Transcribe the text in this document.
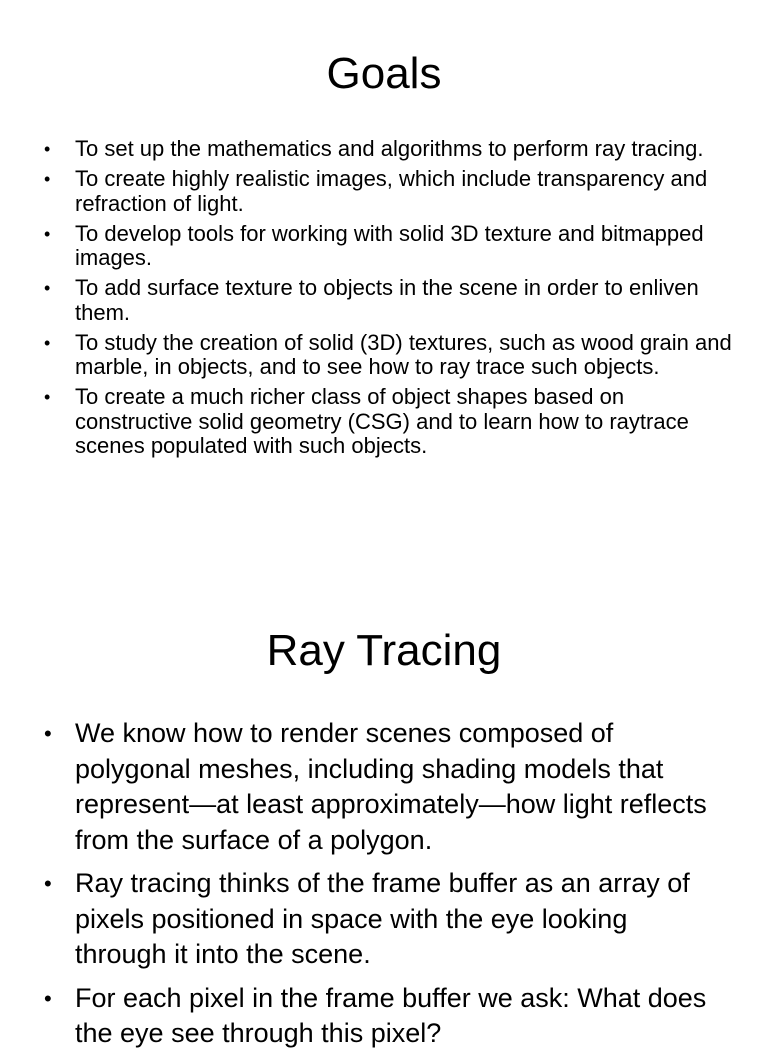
Goals
• To set up the mathematics and algorithms to perform ray tracing.
• To create highly realistic images, which include transparency and refraction of light.
• To develop tools for working with solid 3D texture and bitmapped images.
• To add surface texture to objects in the scene in order to enliven them.
• To study the creation of solid (3D) textures, such as wood grain and marble, in objects, and to see how to ray trace such objects.
• To create a much richer class of object shapes based on constructive solid geometry (CSG) and to learn how to raytrace scenes populated with such objects.
Ray Tracing
• We know how to render scenes composed of polygonal meshes, including shading models that represent—at least approximately—how light reflects from the surface of a polygon.
• Ray tracing thinks of the frame buffer as an array of pixels positioned in space with the eye looking through it into the scene.
• For each pixel in the frame buffer we ask: What does the eye see through this pixel?
